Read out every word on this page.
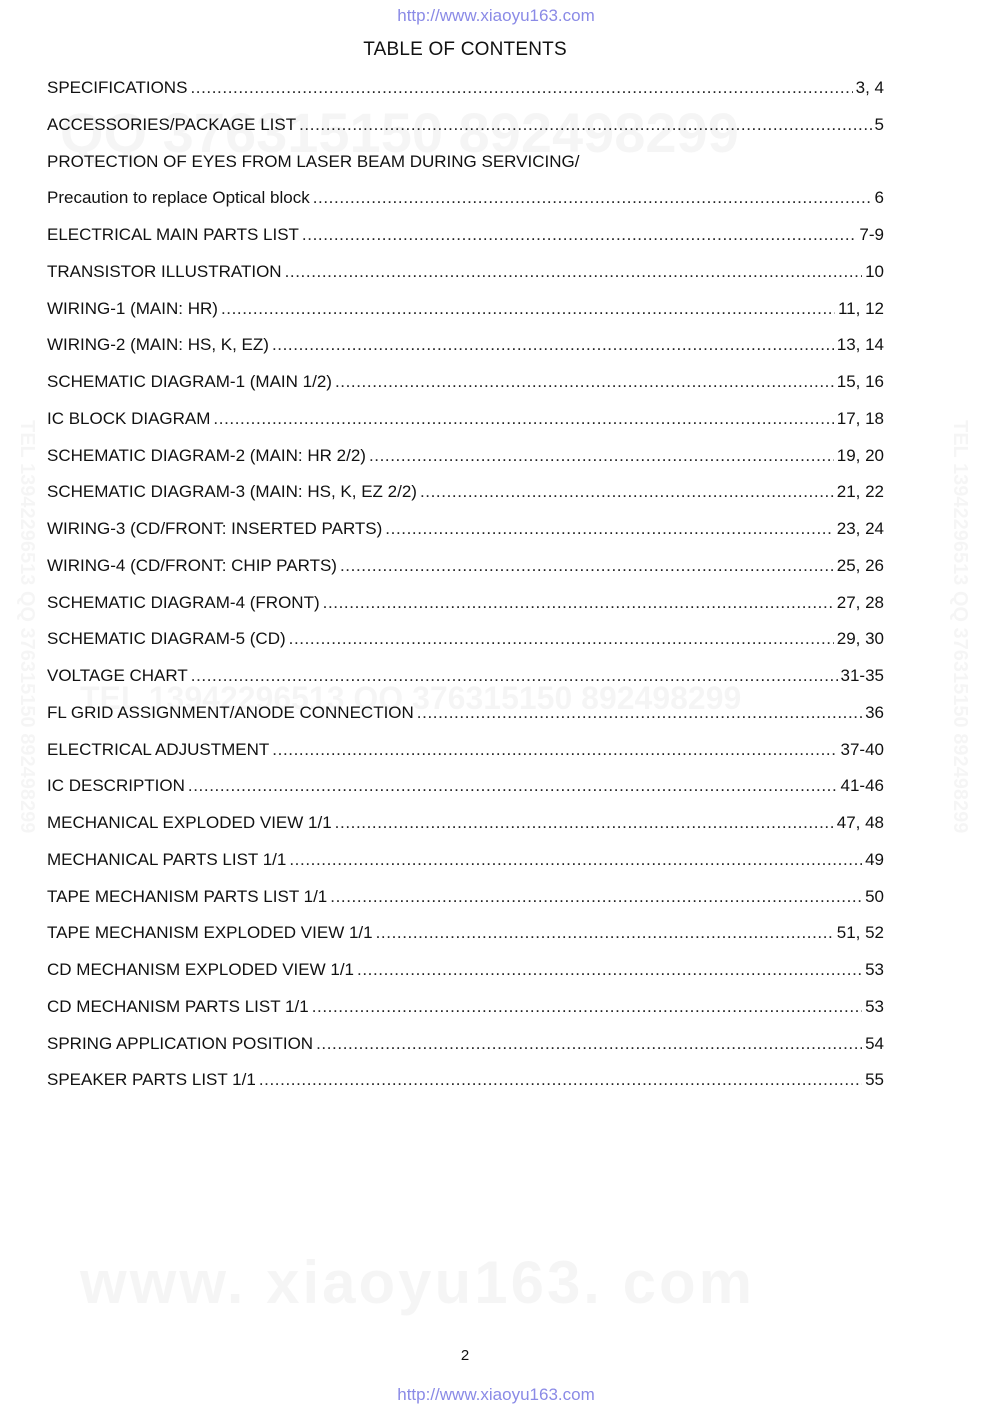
http://www.xiaoyu163.com
TABLE OF CONTENTS
SPECIFICATIONS .....	3, 4
ACCESSORIES/PACKAGE LIST .....	5
PROTECTION OF EYES FROM LASER BEAM DURING SERVICING/
Precaution to replace Optical block .....	6
ELECTRICAL MAIN PARTS LIST .....	7-9
TRANSISTOR ILLUSTRATION .....	10
WIRING-1 (MAIN: HR) .....	11, 12
WIRING-2 (MAIN: HS, K, EZ) .....	13, 14
SCHEMATIC DIAGRAM-1 (MAIN 1/2) .....	15, 16
IC BLOCK DIAGRAM .....	17, 18
SCHEMATIC DIAGRAM-2 (MAIN: HR 2/2) .....	19, 20
SCHEMATIC DIAGRAM-3 (MAIN: HS, K, EZ 2/2) .....	21, 22
WIRING-3 (CD/FRONT: INSERTED PARTS) .....	23, 24
WIRING-4 (CD/FRONT: CHIP PARTS) .....	25, 26
SCHEMATIC DIAGRAM-4 (FRONT) .....	27, 28
SCHEMATIC DIAGRAM-5 (CD) .....	29, 30
VOLTAGE CHART .....	31-35
FL GRID ASSIGNMENT/ANODE CONNECTION .....	36
ELECTRICAL ADJUSTMENT .....	37-40
IC DESCRIPTION .....	41-46
MECHANICAL EXPLODED VIEW 1/1 .....	47, 48
MECHANICAL PARTS LIST 1/1 .....	49
TAPE MECHANISM PARTS LIST 1/1 .....	50
TAPE MECHANISM EXPLODED VIEW 1/1 .....	51, 52
CD MECHANISM EXPLODED VIEW 1/1 .....	53
CD MECHANISM PARTS LIST 1/1 .....	53
SPRING APPLICATION POSITION .....	54
SPEAKER PARTS LIST 1/1 .....	55
2
http://www.xiaoyu163.com
